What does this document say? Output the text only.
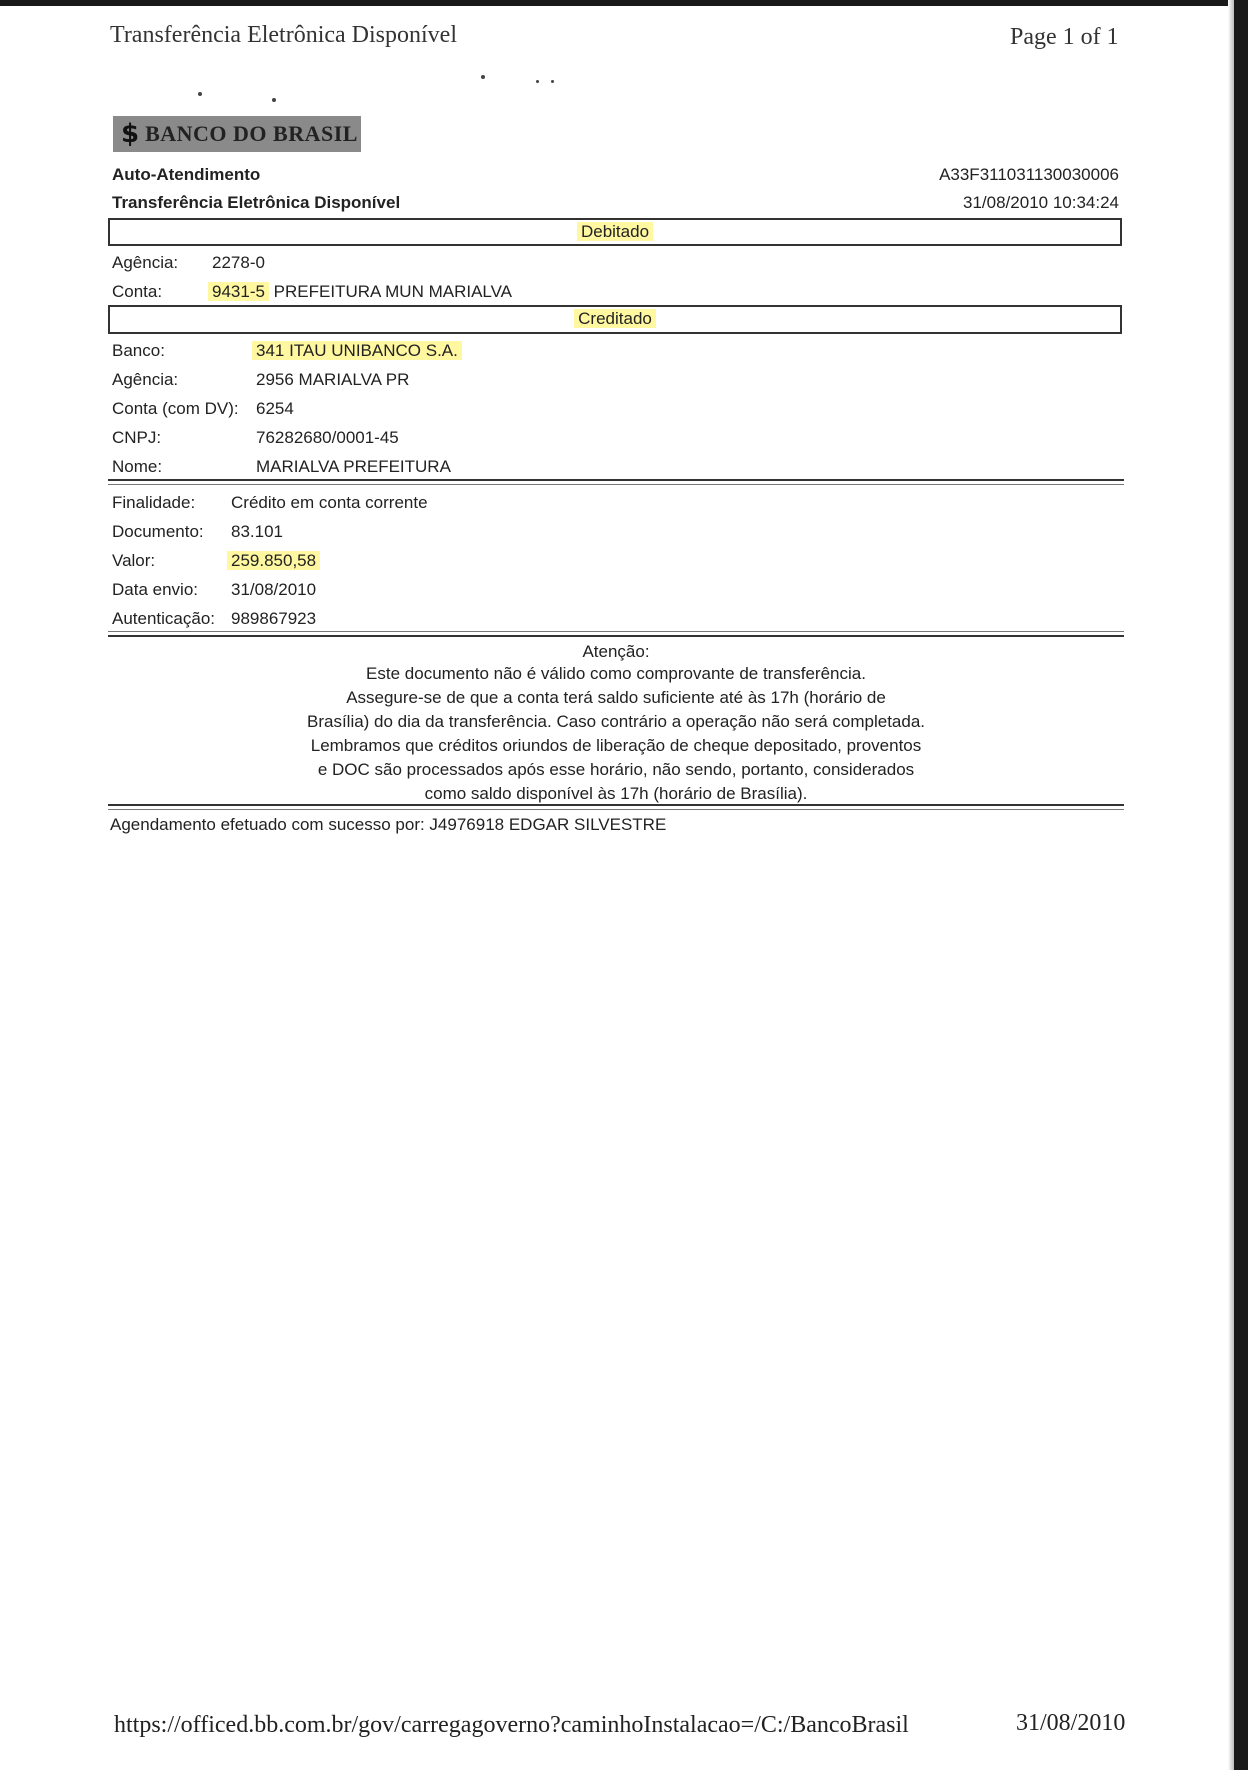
Transferência Eletrônica Disponível	Page 1 of 1
$ BANCO DO BRASIL
Auto-Atendimento
Transferência Eletrônica Disponível
A33F311031130030006
31/08/2010 10:34:24
Debitado
Agência: 2278-0
Conta:	9431-5 PREFEITURA MUN MARIALVA
Creditado
Banco:	341 ITAU UNIBANCO S.A.
Agência:	2956 MARIALVA PR
Conta (com DV): 6254
CNPJ:	76282680/0001-45
Nome:	MARIALVA PREFEITURA
Finalidade: Crédito em conta corrente
Documento: 83.101
Valor:	259.850,58
Data envio: 31/08/2010
Autenticação: 989867923
Atenção:
Este documento não é válido como comprovante de transferência.
Assegure-se de que a conta terá saldo suficiente até às 17h (horário de
Brasília) do dia da transferência. Caso contrário a operação não será completada.
Lembramos que créditos oriundos de liberação de cheque depositado, proventos
e DOC são processados após esse horário, não sendo, portanto, considerados
como saldo disponível às 17h (horário de Brasília).
Agendamento efetuado com sucesso por: J4976918 EDGAR SILVESTRE
https://officed.bb.com.br/gov/carregagoverno?caminhoInstalacao=/C:/BancoBrasil	31/08/2010
